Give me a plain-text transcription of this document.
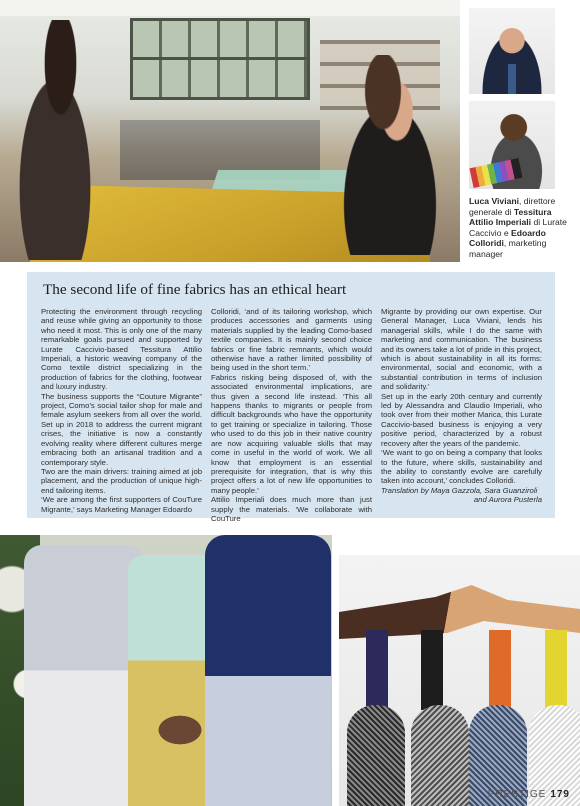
Luca Viviani, direttore generale di Tessitura Attilio Imperiali di Lurate Caccivio e Edoardo Colloridi, marketing manager
The second life of fine fabrics has an ethical heart

Protecting the environment through recycling and reuse while giving an opportunity to those who need it most. This is only one of the many remarkable goals pursued and supported by Lurate Caccivio-based Tessitura Attilio Imperiali, a historic weaving company of the Como textile district specializing in the production of fabrics for the clothing, footwear and luxury industry.

The business supports the “Couture Migrante” project, Como’s social tailor shop for male and female asylum seekers from all over the world. Set up in 2018 to address the current migrant crises, the initiative is now a constantly evolving reality where different cultures merge embracing both an artisanal tradition and a contemporary style.

Two are the main drivers: training aimed at job placement, and the production of unique high-end tailoring items.

‘We are among the first supporters of CouTure Migrante,’ says Marketing Manager Edoardo

Colloridi, ‘and of its tailoring workshop, which produces accessories and garments using materials supplied by the leading Como-based textile companies. It is mainly second choice fabrics or fine fabric remnants, which would otherwise have a rather limited possibility of being used in the short term.’

Fabrics risking being disposed of, with the associated environmental implications, are thus given a second life instead. ‘This all happens thanks to migrants or people from difficult backgrounds who have the opportunity to get training or specialize in tailoring. Those who used to do this job in their native country are now acquiring valuable skills that may come in useful in the world of work. We all know that employment is an essential prerequisite for integration, that is why this project offers a lot of new life opportunities to many people.’

Attilio Imperiali does much more than just supply the materials. ‘We collaborate with CouTure

Migrante by providing our own expertise. Our General Manager, Luca Viviani, lends his managerial skills, while I do the same with marketing and communication. The business and its owners take a lot of pride in this project, which is about sustainability in all its forms: environmental, social and economic, with a substantial contribution in terms of inclusion and solidarity.’

Set up in the early 20th century and currently led by Alessandra and Claudio Imperiali, who took over from their mother Marica, this Lurate Caccivio-based business is enjoying a very positive period, characterized by a robust recovery after the years of the pandemic.

‘We want to go on being a company that looks to the future, where skills, sustainability and the ability to constantly evolve are carefully taken into account,’ concludes Colloridi.

Translation by Maya Gazzola, Sara Guanziroli

and Aurora Pusterla

PRESTIGE 179
